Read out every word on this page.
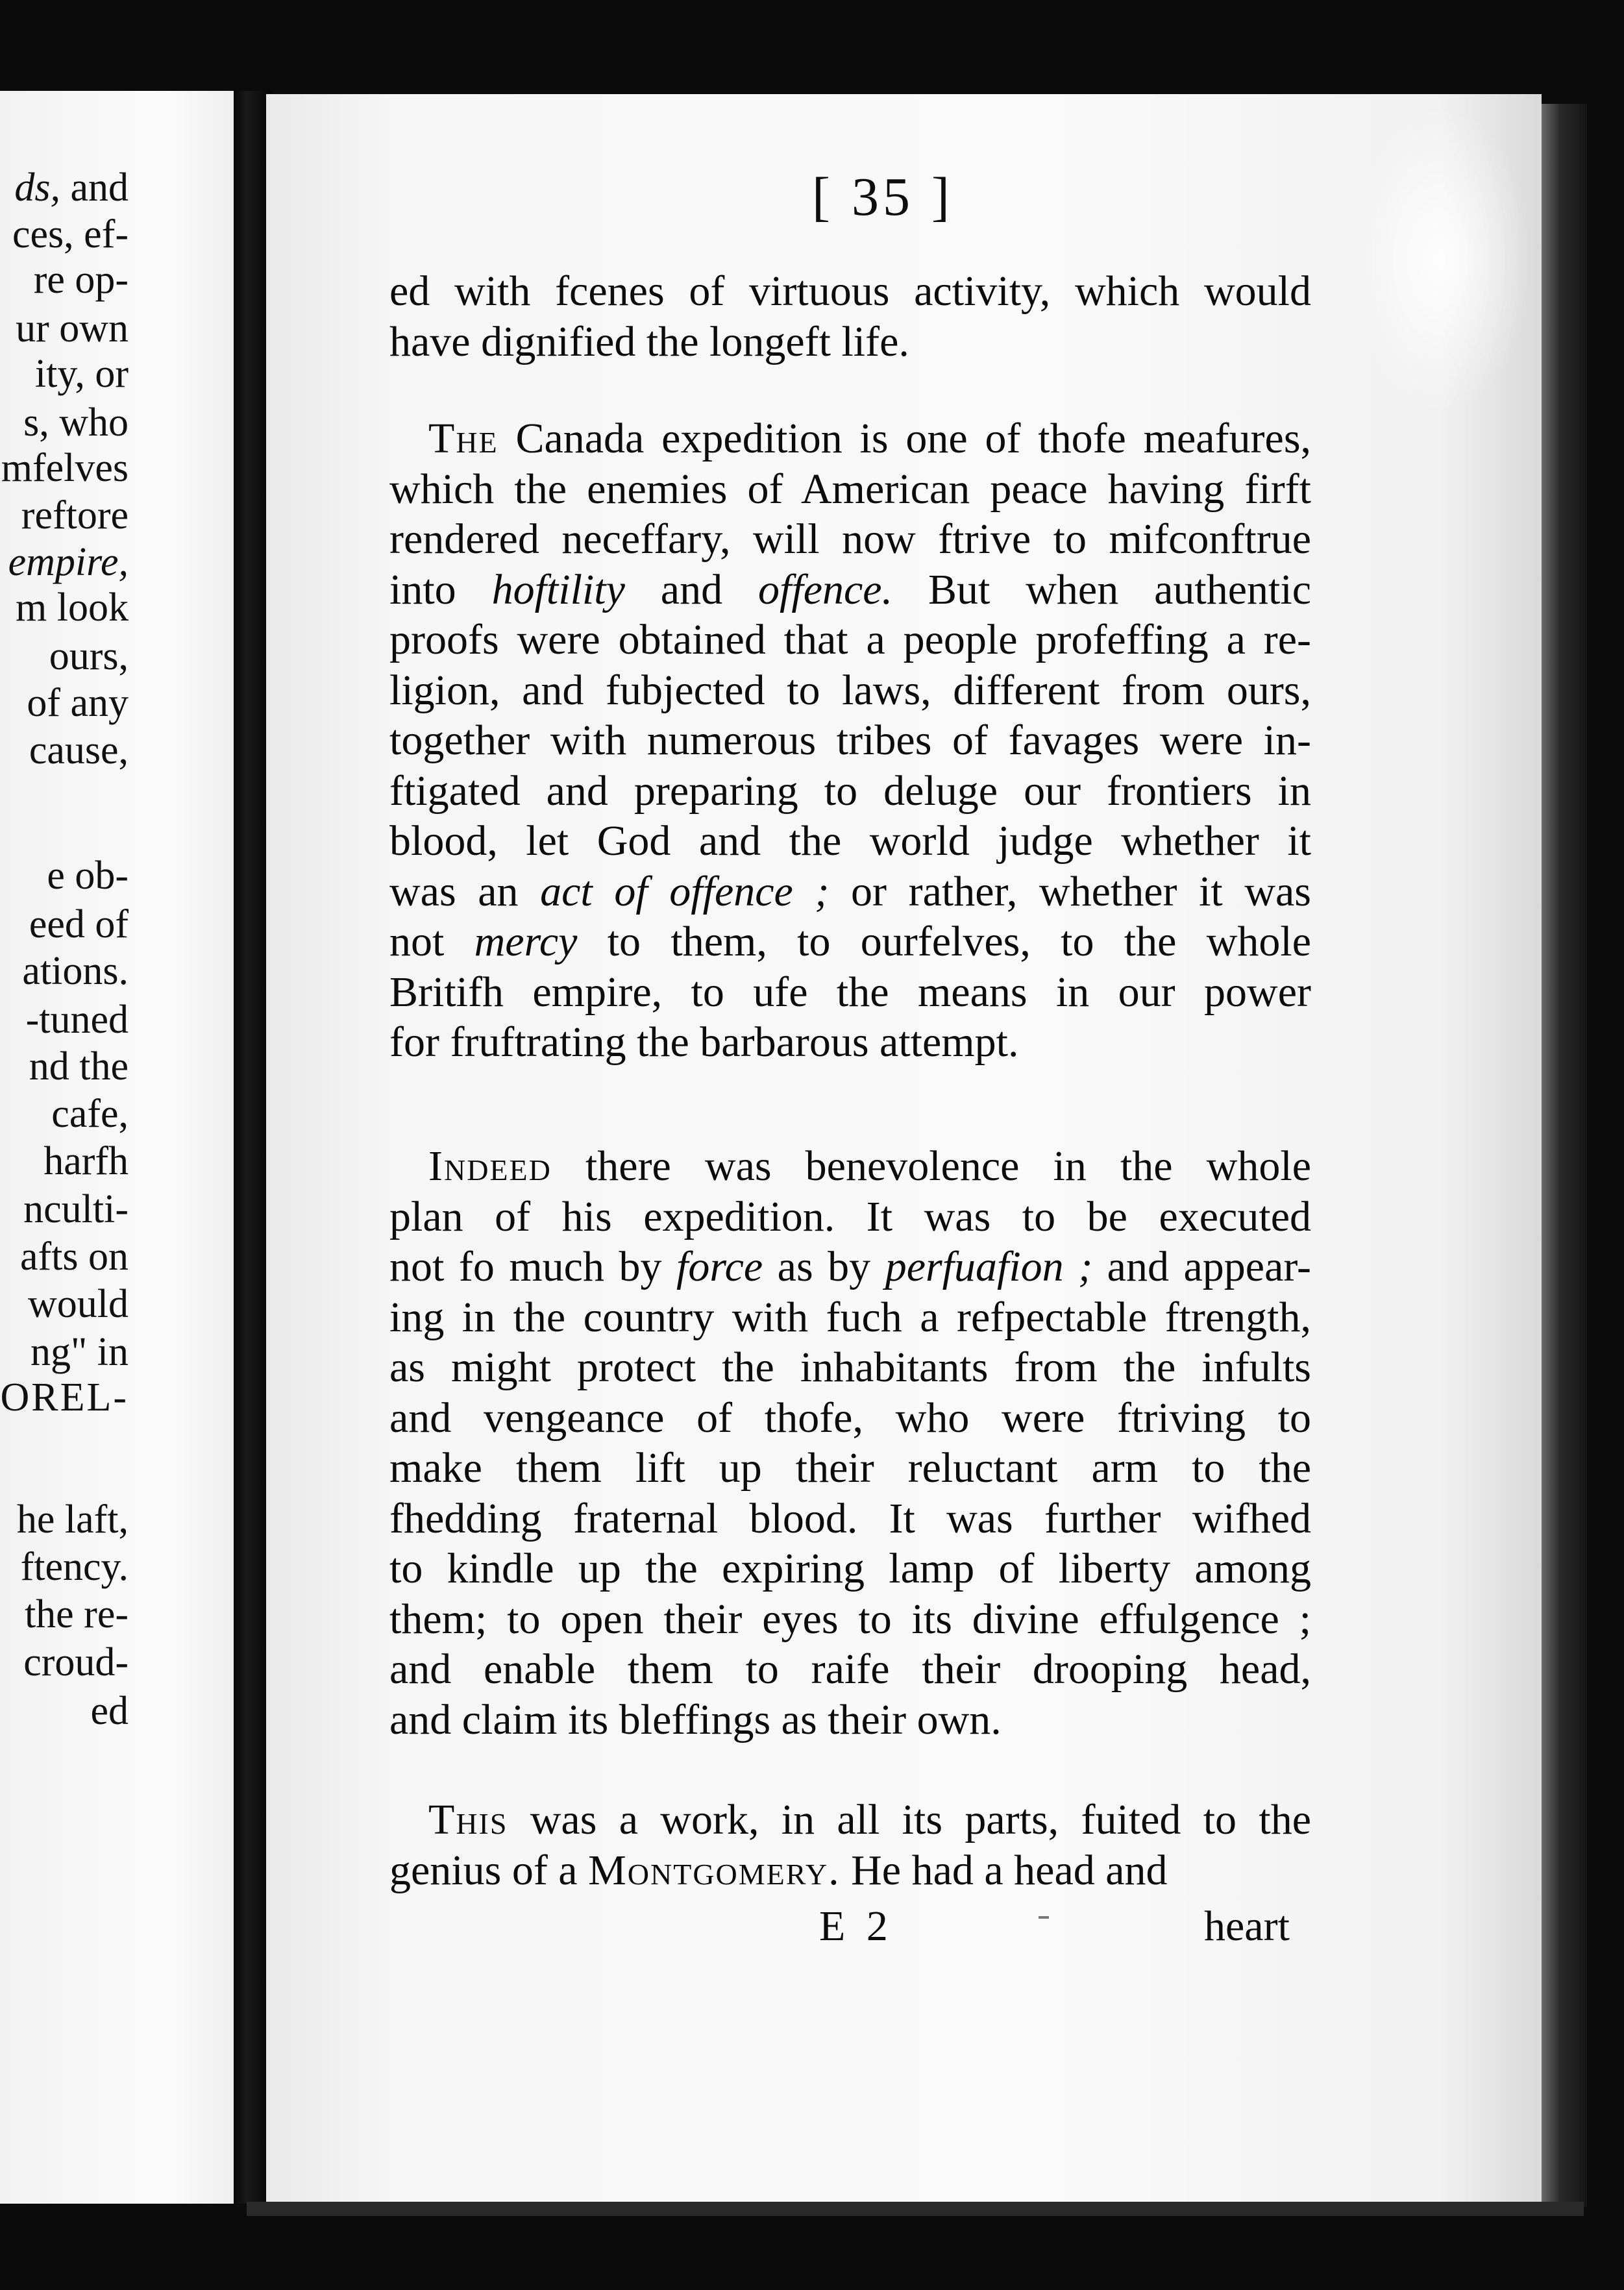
ds, and
ces, ef-
re op-
ur own
ity, or
s, who
mfelves
reftore
empire,
m look
ours,
of any
cause,
e ob-
eed of
ations.
-tuned
nd the
cafe,
harfh
nculti-
afts on
would
ng" in
OREL-
he laft,
ftency.
the re-
croud-
ed
[ 35 ]
ed with fcenes of virtuous activity, which would
have dignified the longeft life.
The Canada expedition is one of thofe meafures,
which the enemies of American peace having firft
rendered neceffary, will now ftrive to mifconftrue
into hoftility and offence. But when authentic
proofs were obtained that a people profeffing a re-
ligion, and fubjected to laws, different from ours,
together with numerous tribes of favages were in-
ftigated and preparing to deluge our frontiers in
blood, let God and the world judge whether it
was an act of offence ; or rather, whether it was
not mercy to them, to ourfelves, to the whole
Britifh empire, to ufe the means in our power
for fruftrating the barbarous attempt.
Indeed there was benevolence in the whole
plan of his expedition. It was to be executed
not fo much by force as by perfuafion ; and appear-
ing in the country with fuch a refpectable ftrength,
as might protect the inhabitants from the infults
and vengeance of thofe, who were ftriving to
make them lift up their reluctant arm to the
fhedding fraternal blood. It was further wifhed
to kindle up the expiring lamp of liberty among
them; to open their eyes to its divine effulgence ;
and enable them to raife their drooping head,
and claim its bleffings as their own.
This was a work, in all its parts, fuited to the
genius of a Montgomery. He had a head and
E 2	heart
